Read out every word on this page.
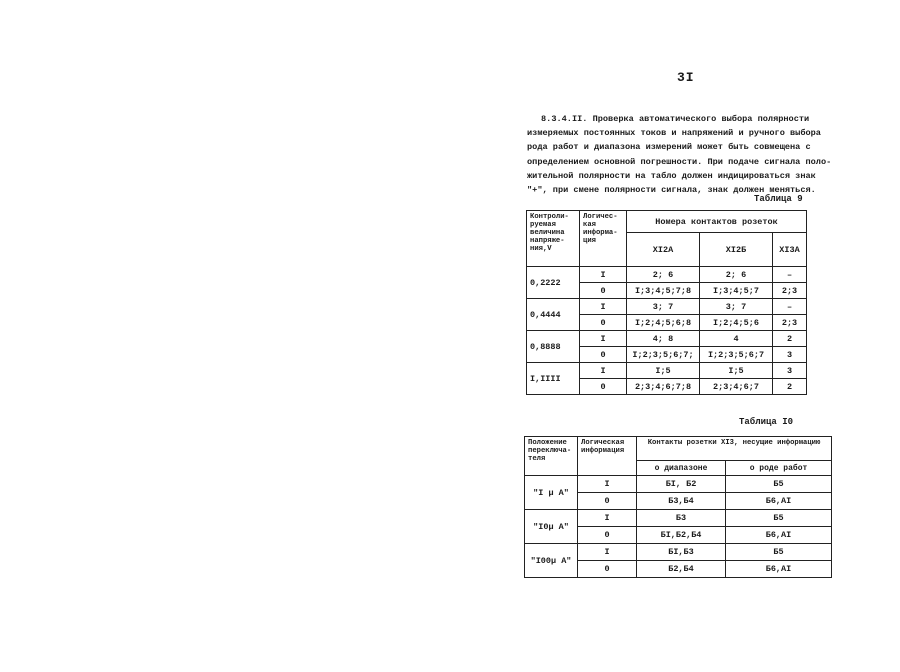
3I
8.3.4.II. Проверка автоматического выбора полярности
измеряемых постоянных токов и напряжений и ручного выбора
рода работ и диапазона измерений может быть совмещена с
определением основной погрешности. При подаче сигнала поло-
жительной полярности на табло должен индицироваться знак
"+", при смене полярности сигнала, знак должен меняться.
Таблица 9
Контроли-руемая величина напряже-ния,V	Логичес-кая информа-ция	Номера контактов розеток		
		XI2A	XI2Б	XI3A
0,2222	I	2; 6	2; 6	–
	0	I;3;4;5;7;8	I;3;4;5;7	2;3
0,4444	I	3; 7	3; 7	–
	0	I;2;4;5;6;8	I;2;4;5;6	2;3
0,8888	I	4; 8	4	2
	0	I;2;3;5;6;7;	I;2;3;5;6;7	3
I,IIII	I	I;5	I;5	3
	0	2;3;4;6;7;8	2;3;4;6;7	2
Таблица I0
Положение переключа-теля	Логическая информация	Контакты розетки XI3, несущие информацию	
		о диапазоне	о роде работ
"I µ A"	I	БI, Б2	Б5
	0	Б3,Б4	Б6,АI
"I0µ A"	I	Б3	Б5
	0	БI,Б2,Б4	Б6,АI
"I00µ A"	I	БI,Б3	Б5
	0	Б2,Б4	Б6,АI
